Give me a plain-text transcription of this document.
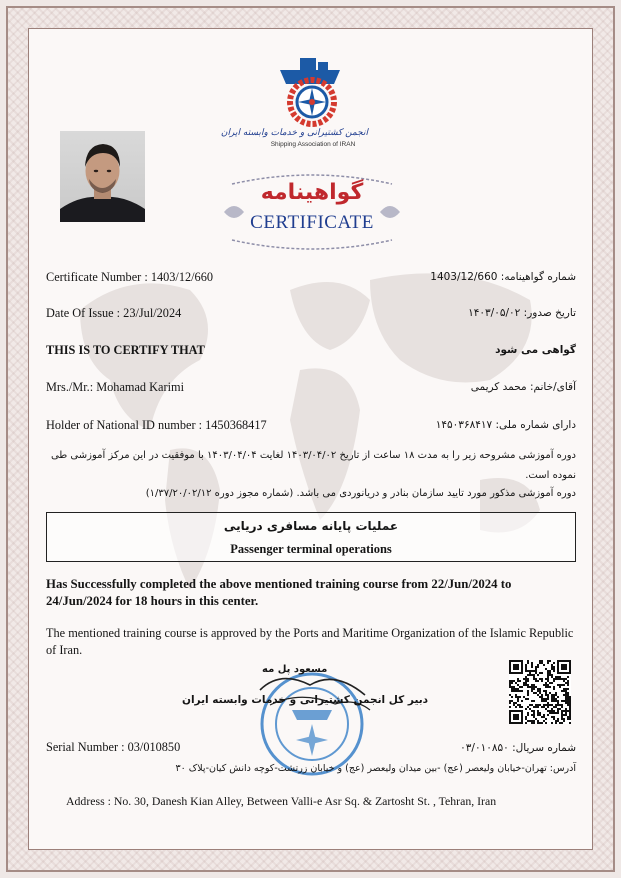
انجمن کشتیرانی و خدمات وابسته ایران
Shipping Association of IRAN
گواهینامه
CERTIFICATE
Certificate Number : 1403/12/660	شماره گواهینامه: 1403/12/660
Date Of Issue : 23/Jul/2024	تاریخ صدور: ۱۴۰۳/۰۵/۰۲
THIS IS TO CERTIFY THAT	گواهی می شود
Mrs./Mr.: Mohamad Karimi	آقای/خانم: محمد کریمی
Holder of National ID number : 1450368417	دارای شماره ملی: ۱۴۵۰۳۶۸۴۱۷
دوره آموزشی مشروحه زیر را به مدت ۱۸ ساعت از تاریخ ۱۴۰۳/۰۴/۰۲ لغایت ۱۴۰۳/۰۴/۰۴ با موفقیت در این مرکز آموزشی طی
نموده است.
دوره آموزشی مذکور مورد تایید سازمان بنادر و دریانوردی می باشد. (شماره مجوز دوره ۱/۳۷/۲۰/۰۲/۱۲)
عملیات پایانه مسافری دریایی
Passenger terminal operations
Has Successfully completed the above mentioned training course from 22/Jun/2024 to 24/Jun/2024 for 18 hours in this center.
The mentioned training course is approved by the Ports and Maritime Organization of the Islamic Republic of Iran.
مسعود پل مه
دبیر کل انجمن کشتیرانی و خدمات وابسته ایران
Serial Number : 03/010850	شماره سریال: ۰۳/۰۱۰۸۵۰
آدرس: تهران-خیابان ولیعصر (عج) -بین میدان ولیعصر (عج) و خیابان زرتشت-کوچه دانش کیان-پلاک ۳۰
Address : No. 30, Danesh Kian Alley, Between Valli-e Asr Sq. & Zartosht St. , Tehran, Iran
